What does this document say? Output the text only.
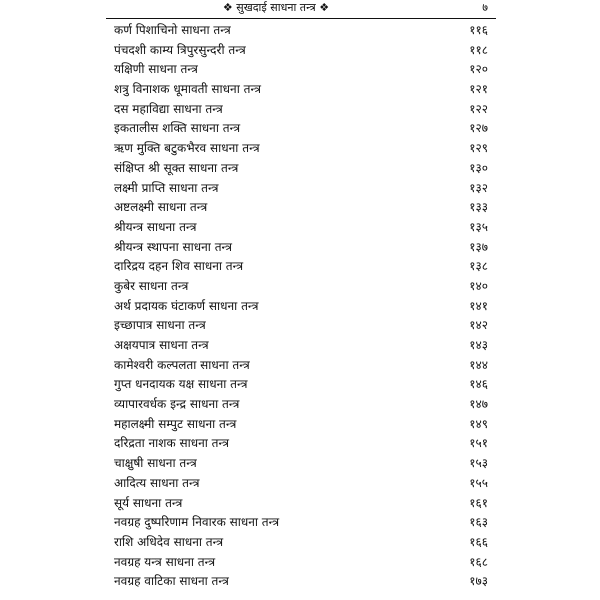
❖ सुखदाई साधना तन्त्र ❖	७
कर्ण पिशाचिनो साधना तन्त्र	११६
पंचदशी काम्य त्रिपुरसुन्दरी तन्त्र	११८
यक्षिणी साधना तन्त्र	१२०
शत्रु विनाशक धूमावती साधना तन्त्र	१२१
दस महाविद्या साधना तन्त्र	१२२
इकतालीस शक्ति साधना तन्त्र	१२७
ऋण मुक्ति बटुकभैरव साधना तन्त्र	१२९
संक्षिप्त श्री सूक्त साधना तन्त्र	१३०
लक्ष्मी प्राप्ति साधना तन्त्र	१३२
अष्टलक्ष्मी साधना तन्त्र	१३३
श्रीयन्त्र साधना तन्त्र	१३५
श्रीयन्त्र स्थापना साधना तन्त्र	१३७
दारिद्रय दहन शिव साधना तन्त्र	१३८
कुबेर साधना तन्त्र	१४०
अर्थ प्रदायक घंटाकर्ण साधना तन्त्र	१४१
इच्छापात्र साधना तन्त्र	१४२
अक्षयपात्र साधना तन्त्र	१४३
कामेश्वरी कल्पलता साधना तन्त्र	१४४
गुप्त धनदायक यक्ष साधना तन्त्र	१४६
व्यापारवर्धक इन्द्र साधना तन्त्र	१४७
महालक्ष्मी सम्पुट साधना तन्त्र	१४९
दरिद्रता नाशक साधना तन्त्र	१५१
चाक्षुषी साधना तन्त्र	१५३
आदित्य साधना तन्त्र	१५५
सूर्य साधना तन्त्र	१६१
नवग्रह दुष्परिणाम निवारक साधना तन्त्र	१६३
राशि अधिदेव साधना तन्त्र	१६६
नवग्रह यन्त्र साधना तन्त्र	१६८
नवग्रह वाटिका साधना तन्त्र	१७३
